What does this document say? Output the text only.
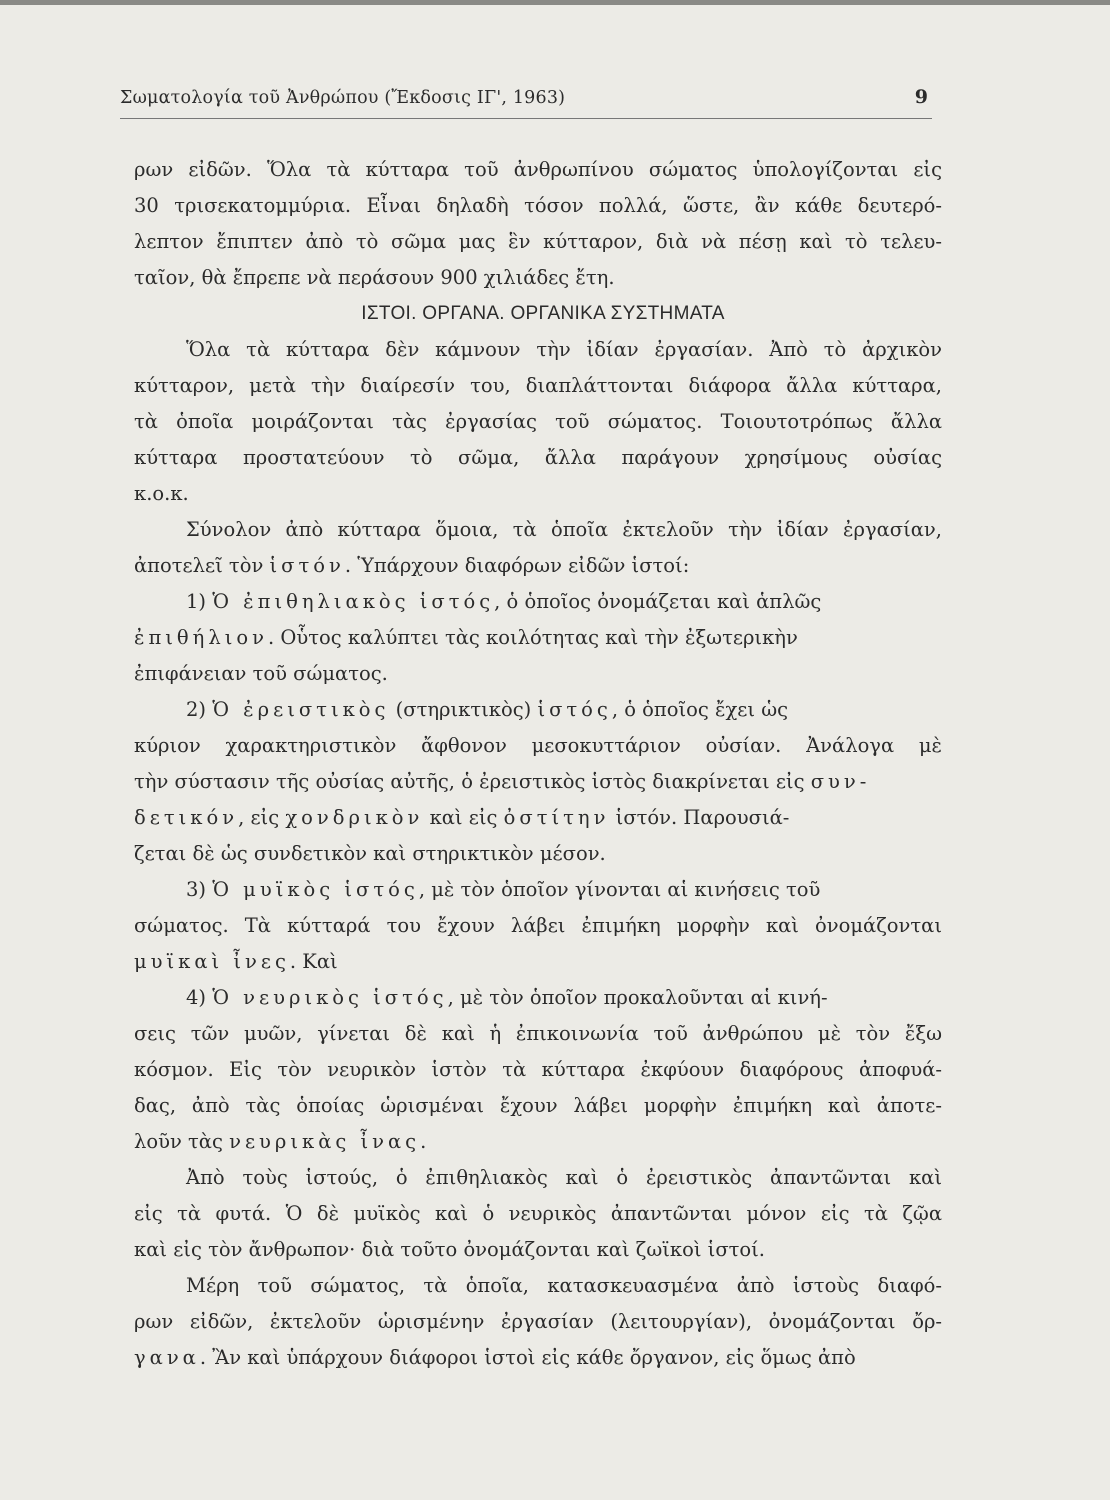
Σωματολογία τοῦ Ἀνθρώπου (Ἔκδοσις ΙΓ', 1963)	9
ρων εἰδῶν. Ὅλα τὰ κύτταρα τοῦ ἀνθρωπίνου σώματος ὑπολογίζονται εἰς
30 τρισεκατομμύρια. Εἶναι δηλαδὴ τόσον πολλά, ὥστε, ἂν κάθε δευτερό-
λεπτον ἔπιπτεν ἀπὸ τὸ σῶμα μας ἓν κύτταρον, διὰ νὰ πέσῃ καὶ τὸ τελευ-
ταῖον, θὰ ἔπρεπε νὰ περάσουν 900 χιλιάδες ἔτη.
ΙΣΤΟΙ. ΟΡΓΑΝΑ. ΟΡΓΑΝΙΚΑ ΣΥΣΤΗΜΑΤΑ
Ὅλα τὰ κύτταρα δὲν κάμνουν τὴν ἰδίαν ἐργασίαν. Ἀπὸ τὸ ἀρχικὸν
κύτταρον, μετὰ τὴν διαίρεσίν του, διαπλάττονται διάφορα ἄλλα κύτταρα,
τὰ ὁποῖα μοιράζονται τὰς ἐργασίας τοῦ σώματος. Τοιουτοτρόπως ἄλλα
κύτταρα προστατεύουν τὸ σῶμα, ἄλλα παράγουν χρησίμους οὐσίας
κ.ο.κ.
Σύνολον ἀπὸ κύτταρα ὅμοια, τὰ ὁποῖα ἐκτελοῦν τὴν ἰδίαν ἐργασίαν,
ἀποτελεῖ τὸν ἱστόν. Ὑπάρχουν διαφόρων εἰδῶν ἱστοί:
1) Ὁ ἐπιθηλιακὸς ἱστός, ὁ ὁποῖος ὀνομάζεται καὶ ἁπλῶς
ἐπιθήλιον. Οὗτος καλύπτει τὰς κοιλότητας καὶ τὴν ἐξωτερικὴν
ἐπιφάνειαν τοῦ σώματος.
2) Ὁ ἐρειστικὸς (στηρικτικὸς) ἱστός, ὁ ὁποῖος ἔχει ὡς
κύριον χαρακτηριστικὸν ἄφθονον μεσοκυττάριον οὐσίαν. Ἀνάλογα μὲ
τὴν σύστασιν τῆς οὐσίας αὐτῆς, ὁ ἐρειστικὸς ἱστὸς διακρίνεται εἰς συν-
δετικόν, εἰς χονδρικὸν καὶ εἰς ὀστίτην ἱστόν. Παρουσιά-
ζεται δὲ ὡς συνδετικὸν καὶ στηρικτικὸν μέσον.
3) Ὁ μυϊκὸς ἱστός, μὲ τὸν ὁποῖον γίνονται αἱ κινήσεις τοῦ
σώματος. Τὰ κύτταρά του ἔχουν λάβει ἐπιμήκη μορφὴν καὶ ὀνομάζονται
μυϊκαὶ ἶνες. Καὶ
4) Ὁ νευρικὸς ἱστός, μὲ τὸν ὁποῖον προκαλοῦνται αἱ κινή-
σεις τῶν μυῶν, γίνεται δὲ καὶ ἡ ἐπικοινωνία τοῦ ἀνθρώπου μὲ τὸν ἔξω
κόσμον. Εἰς τὸν νευρικὸν ἱστὸν τὰ κύτταρα ἐκφύουν διαφόρους ἀποφυά-
δας, ἀπὸ τὰς ὁποίας ὡρισμέναι ἔχουν λάβει μορφὴν ἐπιμήκη καὶ ἀποτε-
λοῦν τὰς νευρικὰς ἶνας.
Ἀπὸ τοὺς ἱστούς, ὁ ἐπιθηλιακὸς καὶ ὁ ἐρειστικὸς ἀπαντῶνται καὶ
εἰς τὰ φυτά. Ὁ δὲ μυϊκὸς καὶ ὁ νευρικὸς ἀπαντῶνται μόνον εἰς τὰ ζῷα
καὶ εἰς τὸν ἄνθρωπον· διὰ τοῦτο ὀνομάζονται καὶ ζωϊκοὶ ἱστοί.
Μέρη τοῦ σώματος, τὰ ὁποῖα, κατασκευασμένα ἀπὸ ἱστοὺς διαφό-
ρων εἰδῶν, ἐκτελοῦν ὡρισμένην ἐργασίαν (λειτουργίαν), ὀνομάζονται ὄρ-
γανα. Ἂν καὶ ὑπάρχουν διάφοροι ἱστοὶ εἰς κάθε ὄργανον, εἰς ὅμως ἀπὸ
